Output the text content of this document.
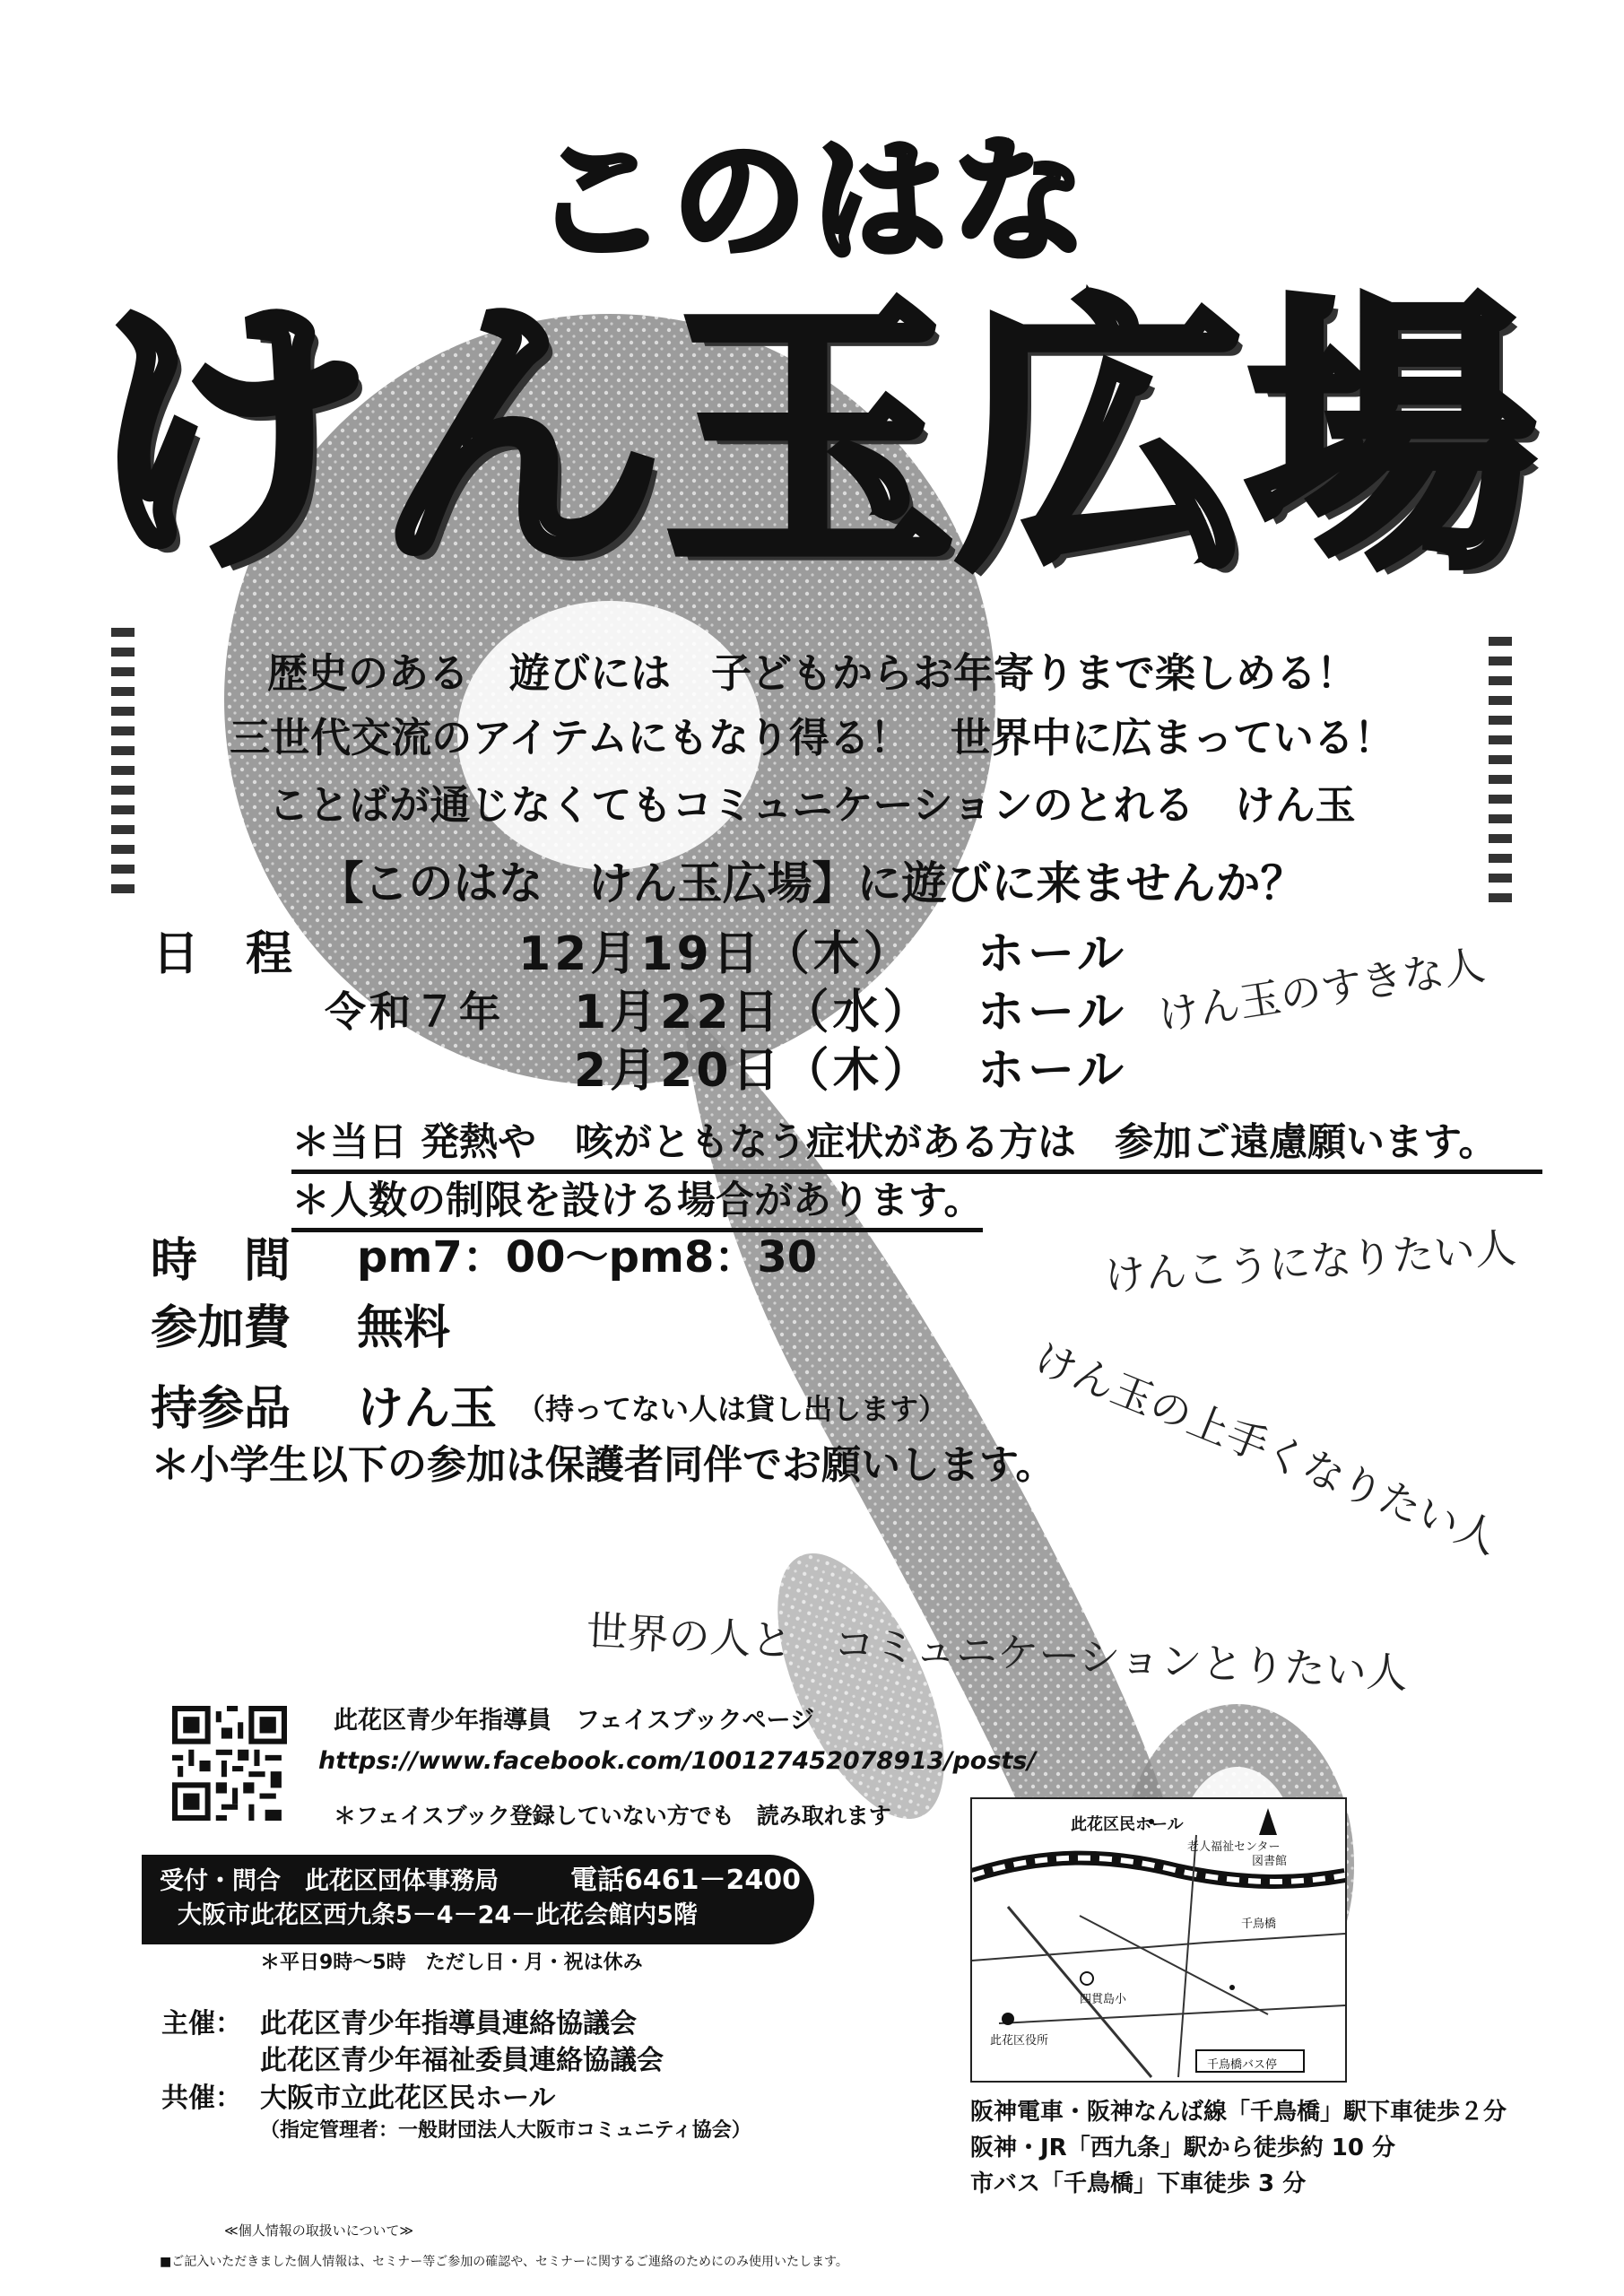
このはな
けん玉広場
歴史のある　遊びには　子どもからお年寄りまで楽しめる！
三世代交流のアイテムにもなり得る！　世界中に広まっている！
ことばが通じなくてもコミュニケーションのとれる　けん玉
【このはな　けん玉広場】に遊びに来ませんか？
日　程	12月19日（木） ホール
令和７年 1月22日（水） ホール
2月20日（木） ホール
けん玉のすきな人
けんこうになりたい人
けん玉の上手くなりたい人
世界の人と　コミュニケーションとりたい人
＊当日 発熱や　咳がともなう症状がある方は　参加ご遠慮願います。
＊人数の制限を設ける場合があります。
時　間 pm7：00～pm8：30
参加費 無料
持参品 けん玉 （持ってない人は貸し出します）
＊小学生以下の参加は保護者同伴でお願いします。
此花区青少年指導員　フェイスブックページ
https://www.facebook.com/100127452078913/posts/
＊フェイスブック登録していない方でも　読み取れます
受付・問合　此花区団体事務局	電話6461－2400
大阪市此花区西九条5－4－24－此花会館内5階
＊平日9時～5時　ただし日・月・祝は休み
主催： 此花区青少年指導員連絡協議会
此花区青少年福祉委員連絡協議会
共催： 大阪市立此花区民ホール
（指定管理者：一般財団法人大阪市コミュニティ協会）
此花区民ホール
老人福祉センター
図書館
千鳥橋
四貫島小
此花区役所
千鳥橋バス停
阪神電車・阪神なんば線「千鳥橋」駅下車徒歩２分
阪神・JR「西九条」駅から徒歩約 10 分
市バス「千鳥橋」下車徒歩 3 分
≪個人情報の取扱いについて≫
■ご記入いただきました個人情報は、セミナー等ご参加の確認や、セミナーに関するご連絡のためにのみ使用いたします。
